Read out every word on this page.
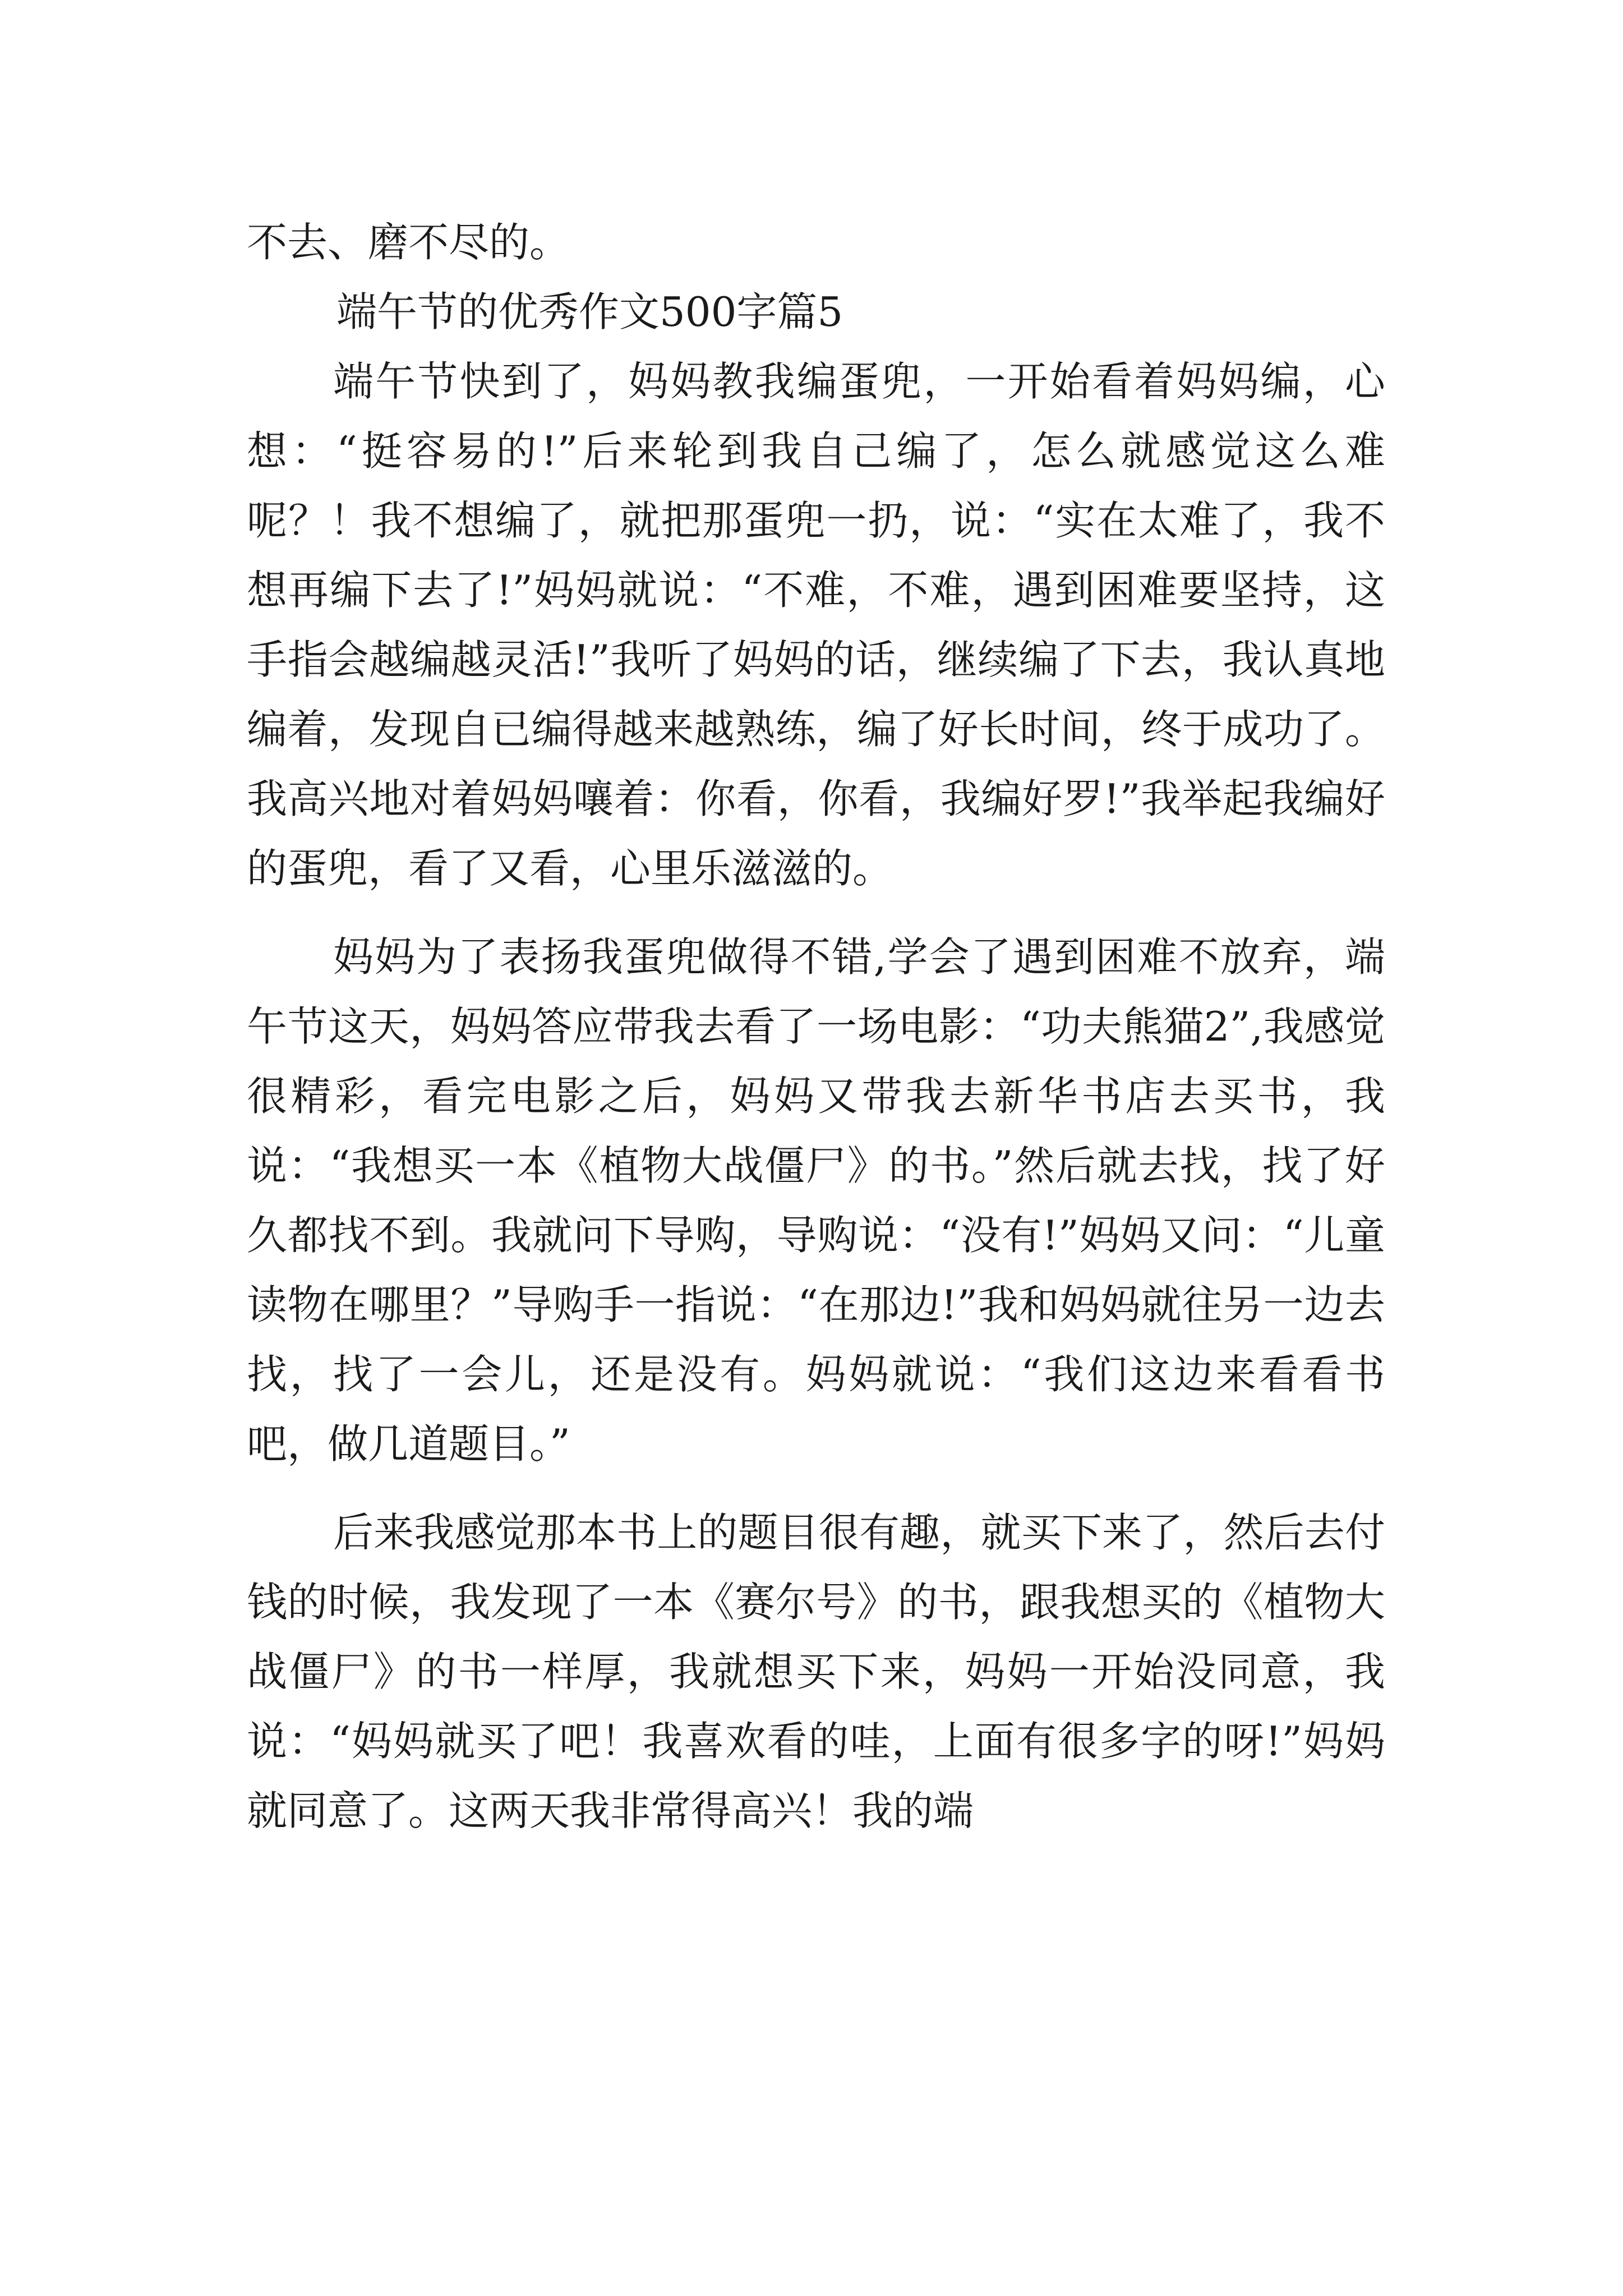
不去、磨不尽的。

端午节的优秀作文500字篇5

端午节快到了，妈妈教我编蛋兜，一开始看着妈妈编，心想：“挺容易的!”后来轮到我自己编了，怎么就感觉这么难呢？！我不想编了，就把那蛋兜一扔，说：“实在太难了，我不想再编下去了!”妈妈就说：“不难，不难，遇到困难要坚持，这手指会越编越灵活!”我听了妈妈的话，继续编了下去，我认真地编着，发现自已编得越来越熟练，编了好长时间，终于成功了。我高兴地对着妈妈嚷着：你看，你看，我编好罗!”我举起我编好的蛋兜，看了又看，心里乐滋滋的。

妈妈为了表扬我蛋兜做得不错,学会了遇到困难不放弃，端午节这天，妈妈答应带我去看了一场电影：“功夫熊猫2”,我感觉很精彩，看完电影之后，妈妈又带我去新华书店去买书，我说：“我想买一本《植物大战僵尸》的书。”然后就去找，找了好久都找不到。我就问下导购，导购说：“没有!”妈妈又问：“儿童读物在哪里？”导购手一指说：“在那边!”我和妈妈就往另一边去找，找了一会儿，还是没有。妈妈就说：“我们这边来看看书吧，做几道题目。”

后来我感觉那本书上的题目很有趣，就买下来了，然后去付钱的时候，我发现了一本《赛尔号》的书，跟我想买的《植物大战僵尸》的书一样厚，我就想买下来，妈妈一开始没同意，我说：“妈妈就买了吧！我喜欢看的哇，上面有很多字的呀!”妈妈就同意了。这两天我非常得高兴！我的端
